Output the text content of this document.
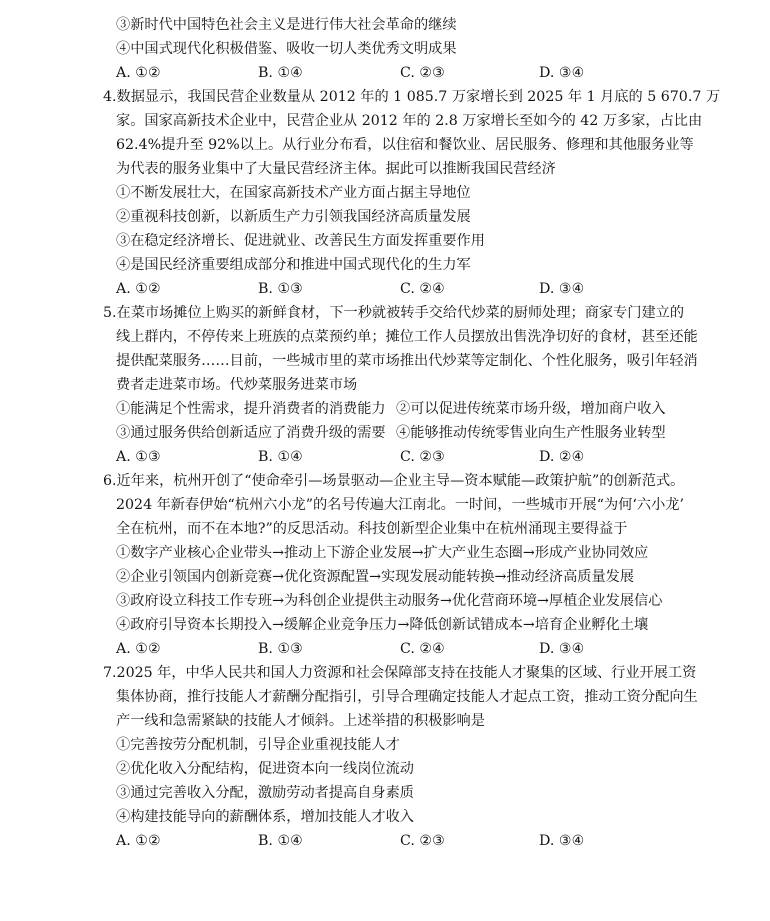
③新时代中国特色社会主义是进行伟大社会革命的继续
④中国式现代化积极借鉴、吸收一切人类优秀文明成果
A. ①②	B. ①④	C. ②③	D. ③④
4.数据显示，我国民营企业数量从 2012 年的 1 085.7 万家增长到 2025 年 1 月底的 5 670.7 万
家。国家高新技术企业中，民营企业从 2012 年的 2.8 万家增长至如今的 42 万多家，占比由
62.4%提升至 92%以上。从行业分布看，以住宿和餐饮业、居民服务、修理和其他服务业等
为代表的服务业集中了大量民营经济主体。据此可以推断我国民营经济
①不断发展壮大，在国家高新技术产业方面占据主导地位
②重视科技创新，以新质生产力引领我国经济高质量发展
③在稳定经济增长、促进就业、改善民生方面发挥重要作用
④是国民经济重要组成部分和推进中国式现代化的生力军
A. ①②	B. ①③	C. ②④	D. ③④
5.在菜市场摊位上购买的新鲜食材，下一秒就被转手交给代炒菜的厨师处理；商家专门建立的
线上群内，不停传来上班族的点菜预约单；摊位工作人员摆放出售洗净切好的食材，甚至还能
提供配菜服务……目前，一些城市里的菜市场推出代炒菜等定制化、个性化服务，吸引年轻消
费者走进菜市场。代炒菜服务进菜市场
①能满足个性需求，提升消费者的消费能力 ②可以促进传统菜市场升级，增加商户收入
③通过服务供给创新适应了消费升级的需要 ④能够推动传统零售业向生产性服务业转型
A. ①③	B. ①④	C. ②③	D. ②④
6.近年来，杭州开创了“使命牵引—场景驱动—企业主导—资本赋能—政策护航”的创新范式。
2024 年新春伊始“杭州六小龙”的名号传遍大江南北。一时间，一些城市开展“为何‘六小龙’
全在杭州，而不在本地?”的反思活动。科技创新型企业集中在杭州涌现主要得益于
①数字产业核心企业带头→推动上下游企业发展→扩大产业生态圈→形成产业协同效应
②企业引领国内创新竞赛→优化资源配置→实现发展动能转换→推动经济高质量发展
③政府设立科技工作专班→为科创企业提供主动服务→优化营商环境→厚植企业发展信心
④政府引导资本长期投入→缓解企业竞争压力→降低创新试错成本→培育企业孵化土壤
A. ①②	B. ①③	C. ②④	D. ③④
7.2025 年，中华人民共和国人力资源和社会保障部支持在技能人才聚集的区域、行业开展工资
集体协商，推行技能人才薪酬分配指引，引导合理确定技能人才起点工资，推动工资分配向生
产一线和急需紧缺的技能人才倾斜。上述举措的积极影响是
①完善按劳分配机制，引导企业重视技能人才
②优化收入分配结构，促进资本向一线岗位流动
③通过完善收入分配，激励劳动者提高自身素质
④构建技能导向的薪酬体系，增加技能人才收入
A. ①②	B. ①④	C. ②③	D. ③④
